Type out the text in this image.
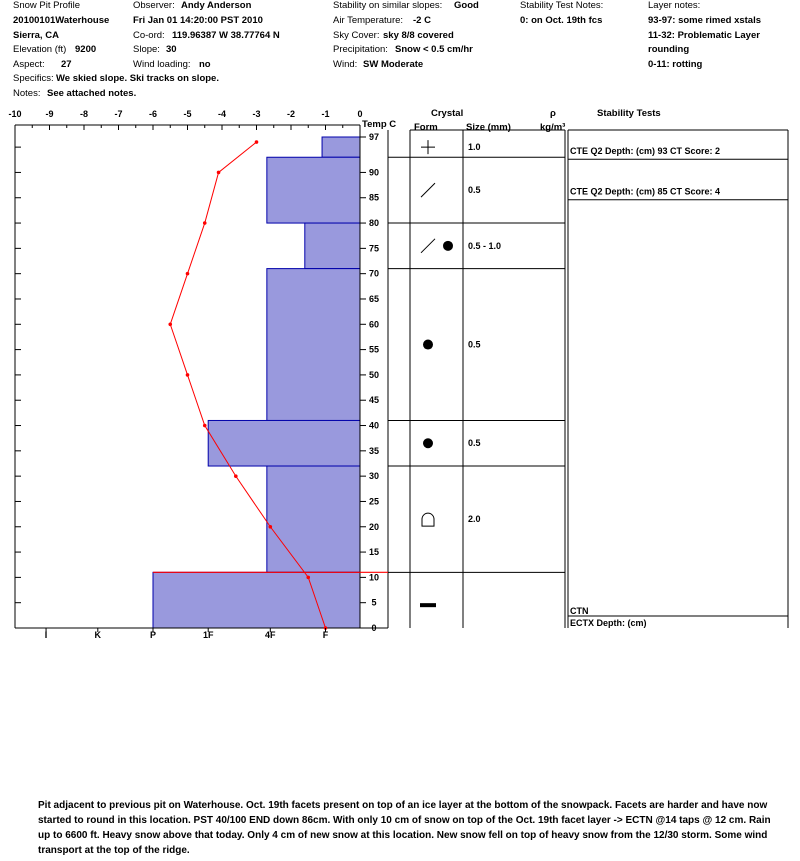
Snow Pit Profile
20100101Waterhouse
Sierra, CA
Elevation (ft) 9200
Aspect: 27
Observer: Andy Anderson
Fri Jan 01 14:20:00 PST 2010
Co-ord: 119.96387 W 38.77764 N
Slope: 30
Wind loading: no
Stability on similar slopes: Good
Air Temperature: -2 C
Sky Cover: sky 8/8 covered
Precipitation: Snow < 0.5 cm/hr
Wind: SW Moderate
Stability Test Notes:
0: on Oct. 19th fcs
Layer notes:
93-97: some rimed xstals
11-32: Problematic Layer
rounding
0-11: rotting
Specifics: We skied slope. Ski tracks on slope.
Notes: See attached notes.
Temp C
Crystal
Form	Size (mm)
ρ
kg/m³
Stability Tests
-10	-9	-8	-7	-6	-5	-4	-3	-2	-1	0
97
90
85
80
75
70
65
60
55
50
45
40
35
30
25
20
15
10
5
0
I	K	P	1F	4F	F
1.0
0.5
0.5 - 1.0
0.5
0.5
2.0
CTE Q2 Depth: (cm) 93 CT Score: 2
CTE Q2 Depth: (cm) 85 CT Score: 4
CTN
ECTX Depth: (cm)
Pit adjacent to previous pit on Waterhouse. Oct. 19th facets present on top of an ice layer at the bottom of the snowpack. Facets are harder and have now started to round in this location. PST 40/100 END down 86cm. With only 10 cm of snow on top of the Oct. 19th facet layer -> ECTN @14 taps @ 12 cm. Rain up to 6600 ft. Heavy snow above that today. Only 4 cm of new snow at this location. New snow fell on top of heavy snow from the 12/30 storm. Some wind transport at the top of the ridge.
